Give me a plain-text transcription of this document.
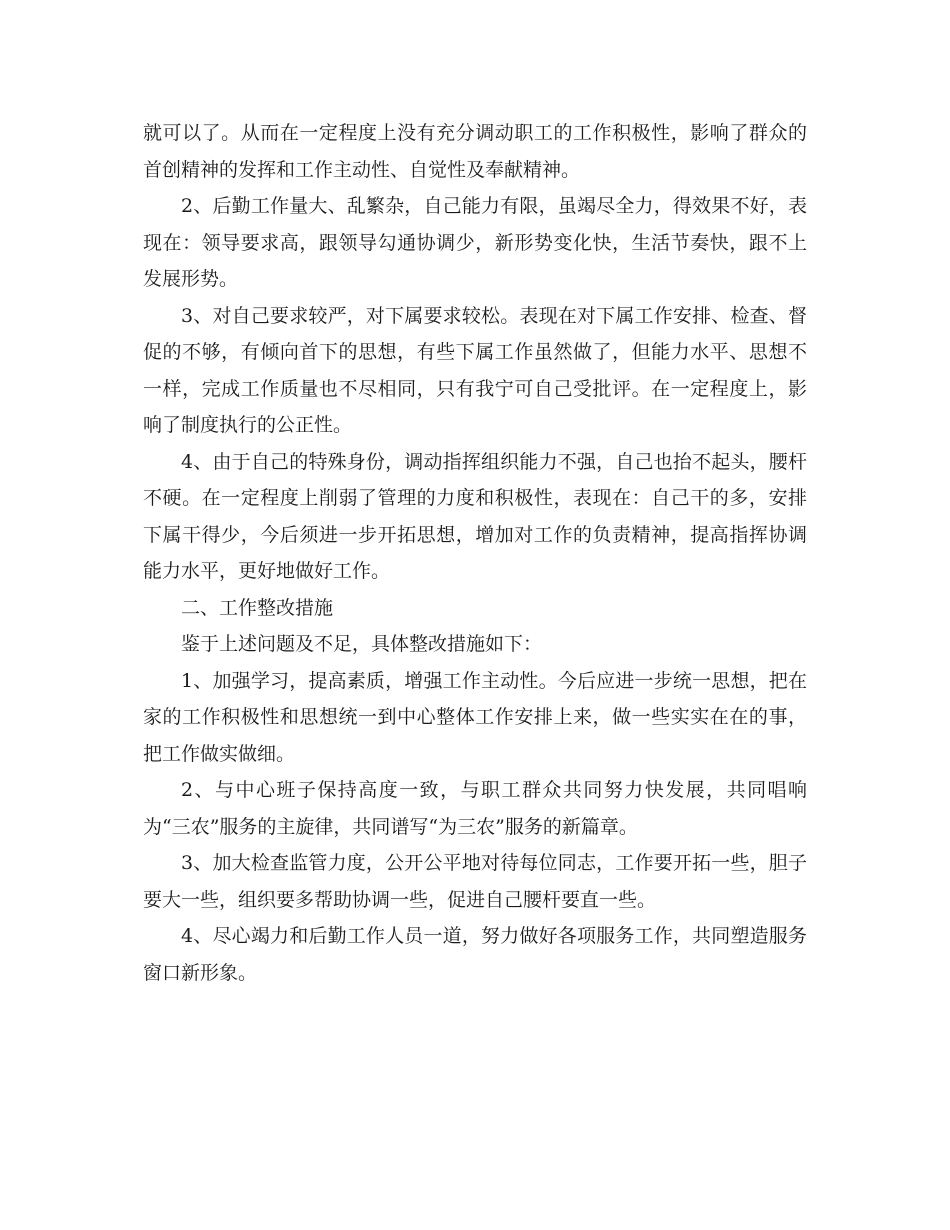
就可以了。从而在一定程度上没有充分调动职工的工作积极性，影响了群众的首创精神的发挥和工作主动性、自觉性及奉献精神。

2、后勤工作量大、乱繁杂，自己能力有限，虽竭尽全力，得效果不好，表现在：领导要求高，跟领导勾通协调少，新形势变化快，生活节奏快，跟不上发展形势。

3、对自己要求较严，对下属要求较松。表现在对下属工作安排、检查、督促的不够，有倾向首下的思想，有些下属工作虽然做了，但能力水平、思想不一样，完成工作质量也不尽相同，只有我宁可自己受批评。在一定程度上，影响了制度执行的公正性。

4、由于自己的特殊身份，调动指挥组织能力不强，自己也抬不起头，腰杆不硬。在一定程度上削弱了管理的力度和积极性，表现在：自己干的多，安排下属干得少，今后须进一步开拓思想，增加对工作的负责精神，提高指挥协调能力水平，更好地做好工作。

二、工作整改措施

鉴于上述问题及不足，具体整改措施如下：

1、加强学习，提高素质，增强工作主动性。今后应进一步统一思想，把在家的工作积极性和思想统一到中心整体工作安排上来，做一些实实在在的事，把工作做实做细。

2、与中心班子保持高度一致，与职工群众共同努力快发展，共同唱响为“三农”服务的主旋律，共同谱写“为三农”服务的新篇章。

3、加大检查监管力度，公开公平地对待每位同志，工作要开拓一些，胆子要大一些，组织要多帮助协调一些，促进自己腰杆要直一些。

4、尽心竭力和后勤工作人员一道，努力做好各项服务工作，共同塑造服务窗口新形象。
